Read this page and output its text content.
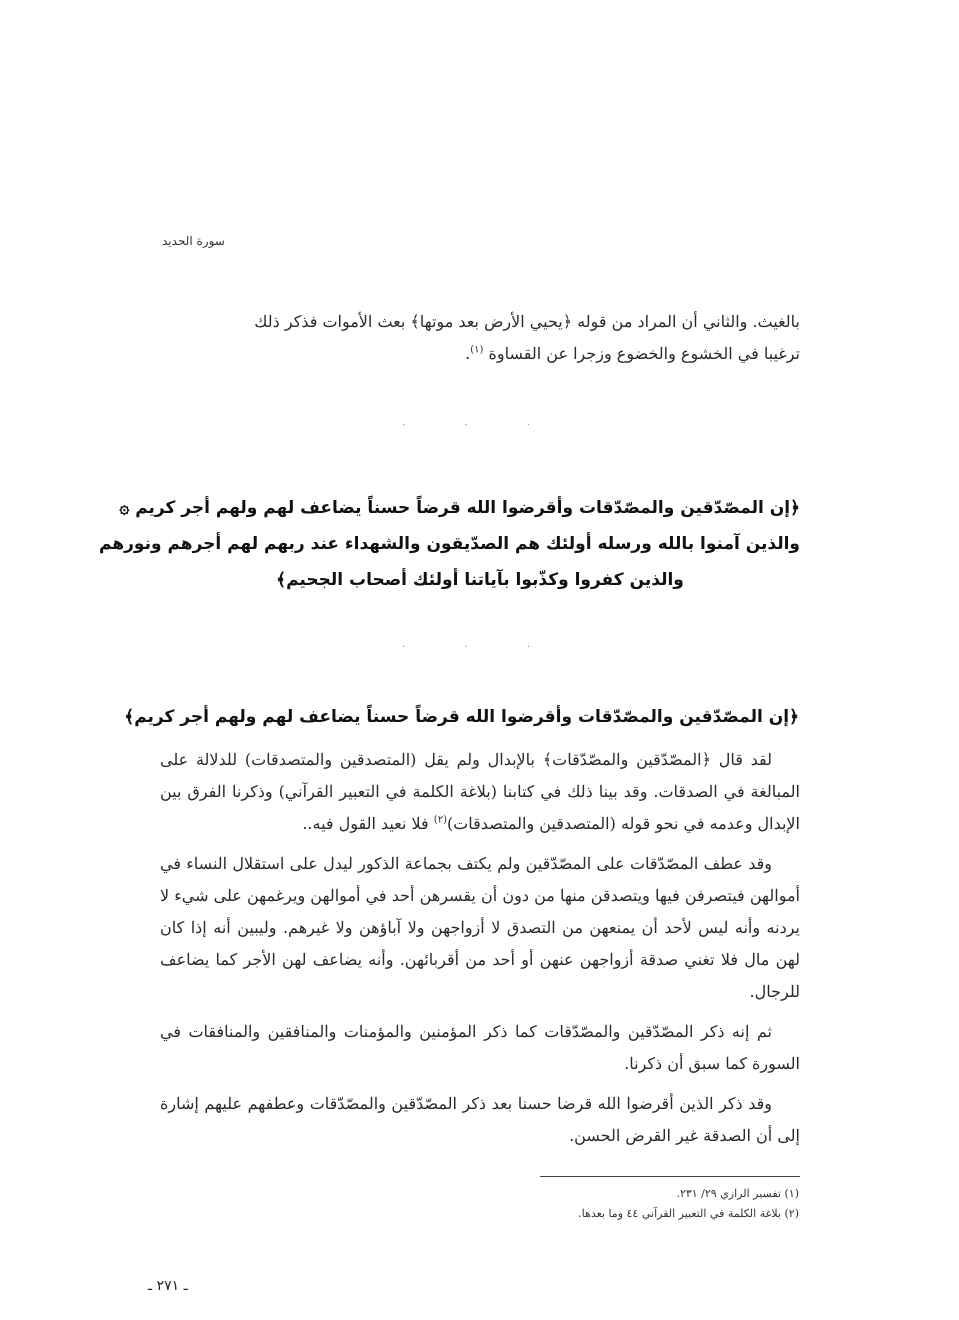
سورة الحديد

بالغيث. والثاني أن المراد من قوله ﴿يحيي الأرض بعد موتها﴾ بعث الأموات فذكر ذلك

ترغيبا في الخشوع والخضوع وزجرا عن القساوة $^{(١)}$.

· · ·
﴿إن المصّدّقين والمصّدّقات وأقرضوا الله قرضاً حسناً يضاعف لهم ولهم أجر كريم ۞
والذين آمنوا بالله ورسله أولئك هم الصدّيقون والشهداء عند ربهم لهم أجرهم ونورهم
والذين كفروا وكذّبوا بآياتنا أولئك أصحاب الجحيم﴾
· · ·
﴿إن المصّدّقين والمصّدّقات وأقرضوا الله قرضاً حسناً يضاعف لهم ولهم أجر كريم﴾

لقد قال ﴿المصّدّقين والمصّدّقات﴾ بالإبدال ولم يقل (المتصدقين والمتصدقات) للدلالة على المبالغة في الصدقات. وقد بينا ذلك في كتابنا (بلاغة الكلمة في التعبير القرآني) وذكرنا الفرق بين الإبدال وعدمه في نحو قوله (المتصدقين والمتصدقات)$^{(٢)}$ فلا نعيد القول فيه..

وقد عطف المصّدّقات على المصّدّقين ولم يكتف بجماعة الذكور ليدل على استقلال النساء في أموالهن فيتصرفن فيها ويتصدقن منها من دون أن يقسرهن أحد في أموالهن ويرغمهن على شيء لا يردنه وأنه ليس لأحد أن يمنعهن من التصدق لا أزواجهن ولا آباؤهن ولا غيرهم. وليبين أنه إذا كان لهن مال فلا تغني صدقة أزواجهن عنهن أو أحد من أقربائهن. وأنه يضاعف لهن الأجر كما يضاعف للرجال.

ثم إنه ذكر المصّدّقين والمصّدّقات كما ذكر المؤمنين والمؤمنات والمنافقين والمنافقات في السورة كما سبق أن ذكرنا.

وقد ذكر الذين أقرضوا الله قرضا حسنا بعد ذكر المصّدّقين والمصّدّقات وعطفهم عليهم إشارة إلى أن الصدقة غير القرض الحسن.

(١) تفسير الرازي ٢٩/ ٢٣١.
(٢) بلاغة الكلمة في التعبير القرآني ٤٤ وما بعدها.
ـ ٢٧١ ـ
